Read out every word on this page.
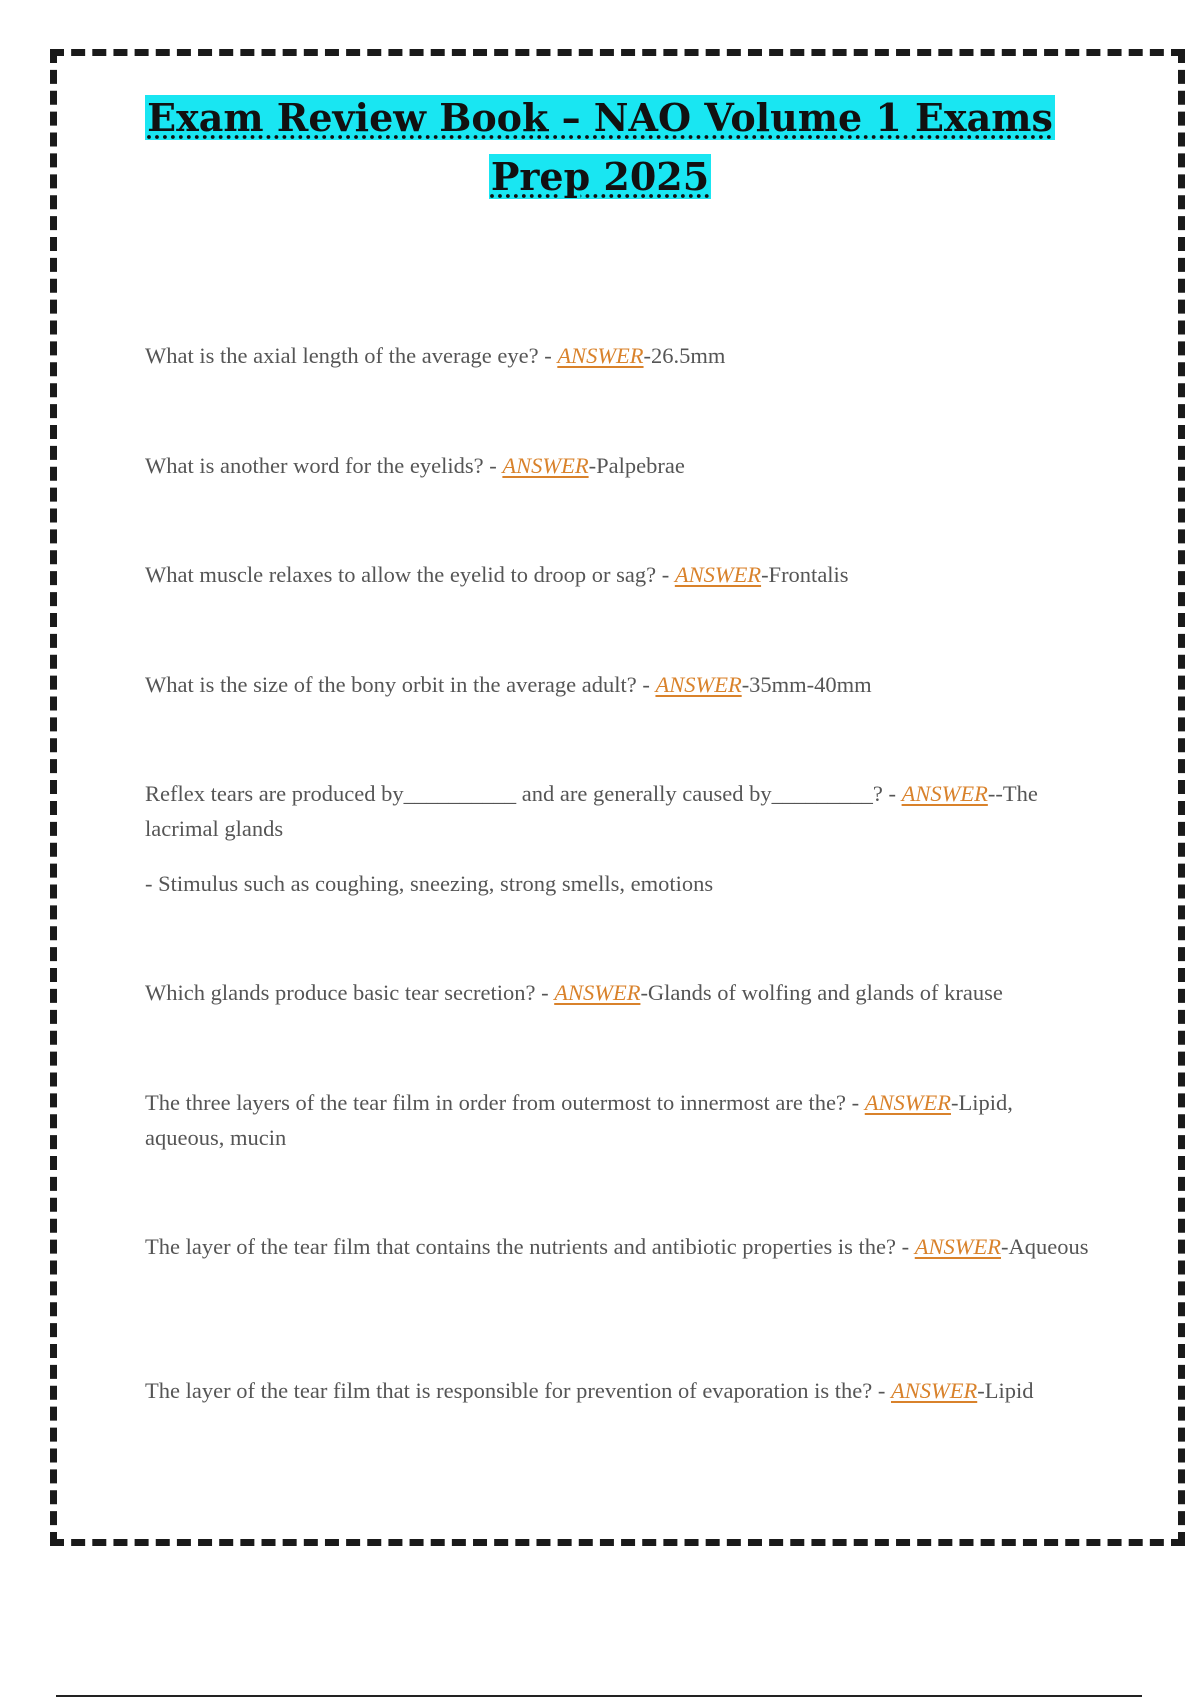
Exam Review Book – NAO Volume 1 Exams
Prep 2025

What is the axial length of the average eye? - ANSWER-26.5mm

What is another word for the eyelids? - ANSWER-Palpebrae

What muscle relaxes to allow the eyelid to droop or sag? - ANSWER-Frontalis

What is the size of the bony orbit in the average adult? - ANSWER-35mm-40mm

Reflex tears are produced by__________ and are generally caused by_________? - ANSWER--The lacrimal glands

- Stimulus such as coughing, sneezing, strong smells, emotions

Which glands produce basic tear secretion? - ANSWER-Glands of wolfing and glands of krause

The three layers of the tear film in order from outermost to innermost are the? - ANSWER-Lipid, aqueous, mucin

The layer of the tear film that contains the nutrients and antibiotic properties is the? - ANSWER-Aqueous

The layer of the tear film that is responsible for prevention of evaporation is the? - ANSWER-Lipid
